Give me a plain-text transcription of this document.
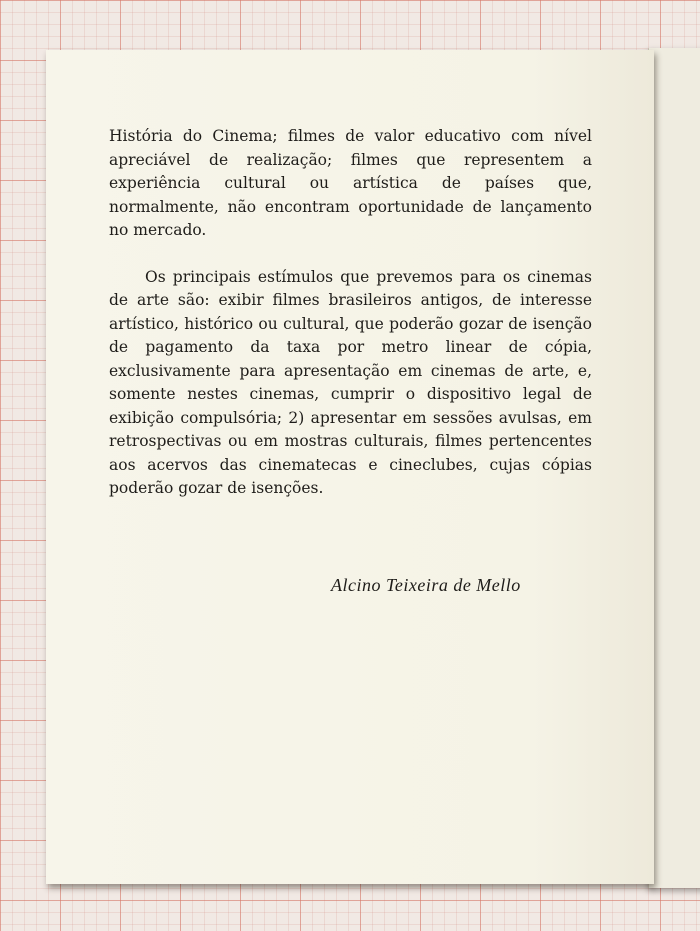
História do Cinema; filmes de valor educativo com nível apreciável de realização; filmes que representem a experiência cultural ou artística de países que, normalmente, não encontram oportunidade de lançamento no mercado.

Os principais estímulos que prevemos para os cinemas de arte são: exibir filmes brasileiros antigos, de interesse artístico, histórico ou cultural, que poderão gozar de isenção de pagamento da taxa por metro linear de cópia, exclusivamente para apresentação em cinemas de arte, e, somente nestes cinemas, cumprir o dispositivo legal de exibição compulsória; 2) apresentar em sessões avulsas, em retrospectivas ou em mostras culturais, filmes pertencentes aos acervos das cinematecas e cineclubes, cujas cópias poderão gozar de isenções.

Alcino Teixeira de Mello
